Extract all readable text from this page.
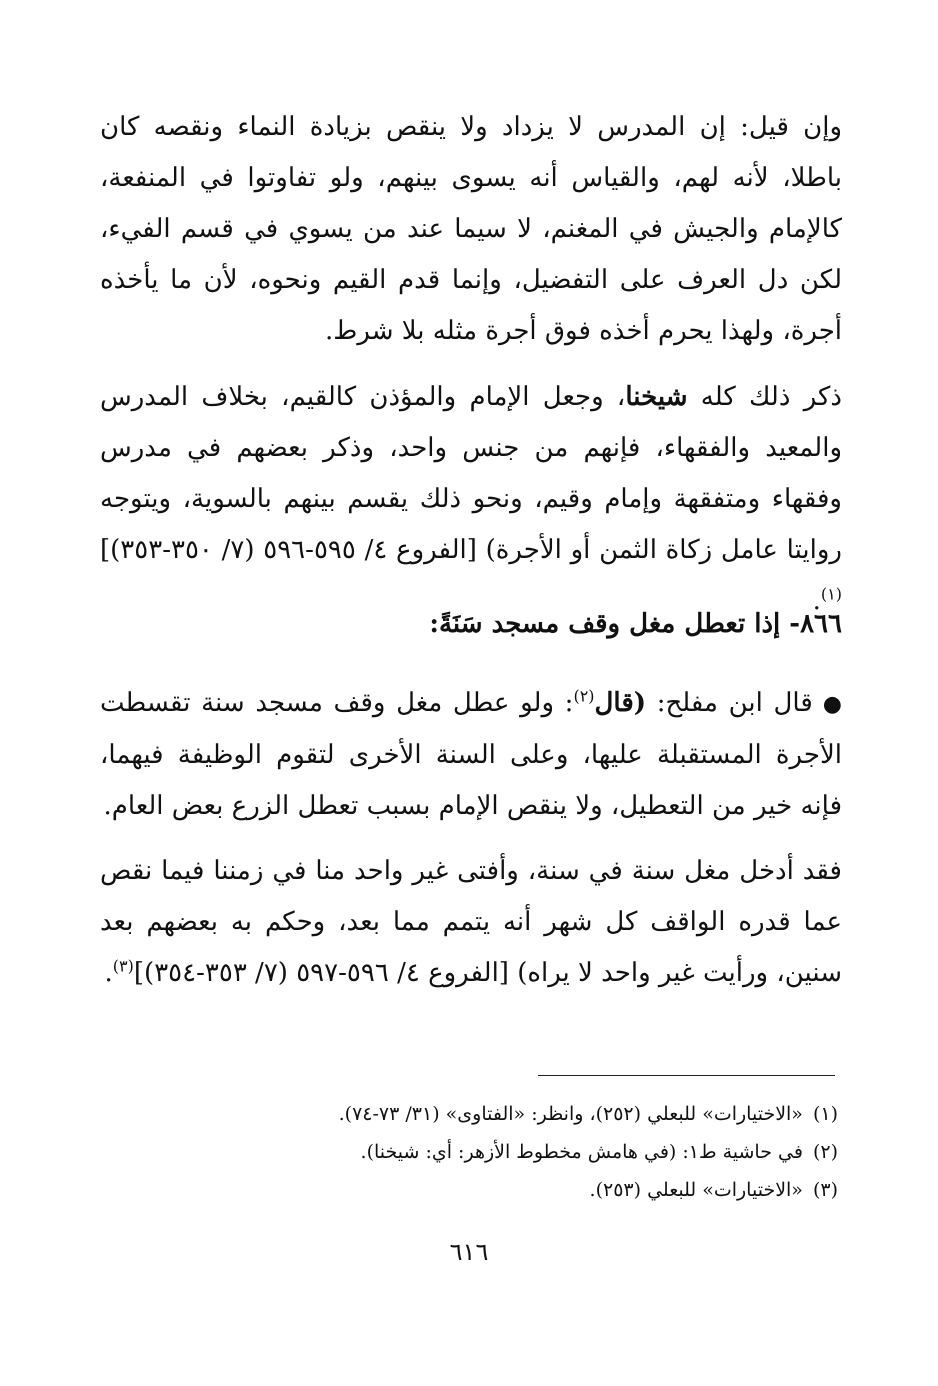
وإن قيل: إن المدرس لا يزداد ولا ينقص بزيادة النماء ونقصه كان باطلا، لأنه لهم، والقياس أنه يسوى بينهم، ولو تفاوتوا في المنفعة، كالإمام والجيش في المغنم، لا سيما عند من يسوي في قسم الفيء، لكن دل العرف على التفضيل، وإنما قدم القيم ونحوه، لأن ما يأخذه أجرة، ولهذا يحرم أخذه فوق أجرة مثله بلا شرط.

ذكر ذلك كله شيخنا، وجعل الإمام والمؤذن كالقيم، بخلاف المدرس والمعيد والفقهاء، فإنهم من جنس واحد، وذكر بعضهم في مدرس وفقهاء ومتفقهة وإمام وقيم، ونحو ذلك يقسم بينهم بالسوية، ويتوجه روايتا عامل زكاة الثمن أو الأجرة) [الفروع ٤/ ٥٩٥-٥٩٦ (٧/ ٣٥٠-٣٥٣)]$^{(١)}$.

٨٦٦- إذا تعطل مغل وقف مسجد سَنَةً:

●قال ابن مفلح: (قال$^{(٢)}$: ولو عطل مغل وقف مسجد سنة تقسطت الأجرة المستقبلة عليها، وعلى السنة الأخرى لتقوم الوظيفة فيهما، فإنه خير من التعطيل، ولا ينقص الإمام بسبب تعطل الزرع بعض العام.

فقد أدخل مغل سنة في سنة، وأفتى غير واحد منا في زمننا فيما نقص عما قدره الواقف كل شهر أنه يتمم مما بعد، وحكم به بعضهم بعد سنين، ورأيت غير واحد لا يراه) [الفروع ٤/ ٥٩٦-٥٩٧ (٧/ ٣٥٣-٣٥٤)]$^{(٣)}$.

(١)«الاختيارات» للبعلي (٢٥٢)، وانظر: «الفتاوى» (٣١/ ٧٣-٧٤).

(٢)في حاشية ط١: (في هامش مخطوط الأزهر: أي: شيخنا).

(٣)«الاختيارات» للبعلي (٢٥٣).

٦١٦
